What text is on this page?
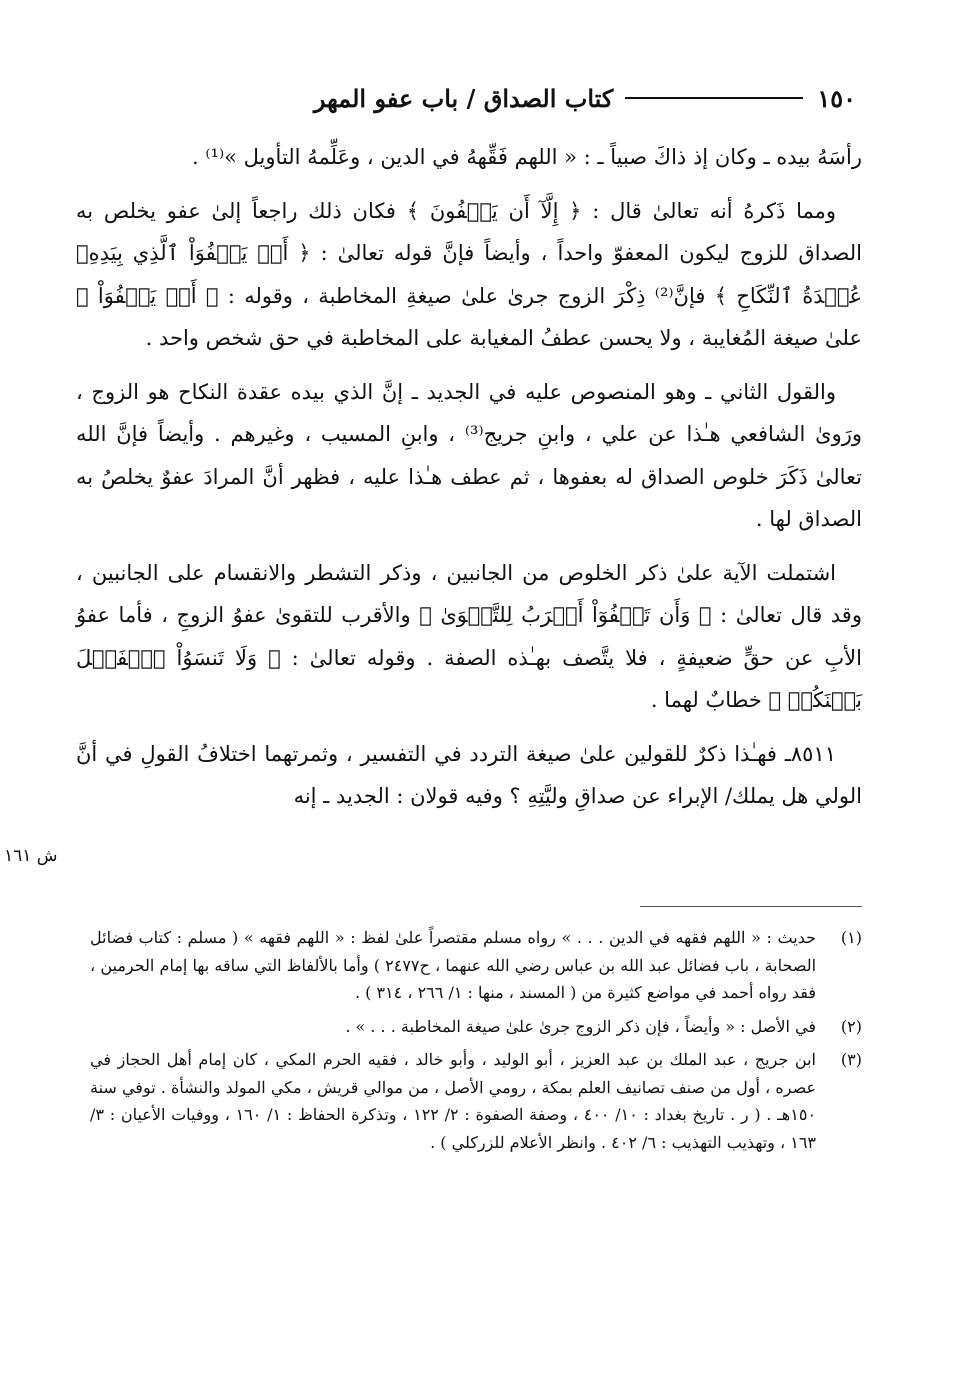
١٥٠
كتاب الصداق / باب عفو المهر

رأسَهُ بيده ـ وكان إذ ذاكَ صبياً ـ : « اللهم فَقِّههُ في الدين ، وعَلِّمهُ التأويل »⁽¹⁾ .

ومما ذَكرهُ أنه تعالىٰ قال : ﴿ إِلَّآ أَن يَعۡفُونَ ﴾ فكان ذلك راجعاً إلىٰ عفو يخلص به الصداق للزوج ليكون المعفوّ واحداً ، وأيضاً فإنَّ قوله تعالىٰ : ﴿ أَوۡ يَعۡفُوَاْ ٱلَّذِي بِيَدِهِۦ عُقۡدَةُ ٱلنِّكَاحِ ﴾ فإنَّ⁽²⁾ ذِكْرَ الزوج جرىٰ علىٰ صيغةِ المخاطبة ، وقوله : ﴿ أَوۡ يَعۡفُوَاْ ﴾ علىٰ صيغة المُغايبة ، ولا يحسن عطفُ المغيابة على المخاطبة في حق شخص واحد .

والقول الثاني ـ وهو المنصوص عليه في الجديد ـ إنَّ الذي بيده عقدة النكاح هو الزوج ، ورَوىٰ الشافعي هـٰذا عن علي ، وابنِ جريج⁽³⁾ ، وابنِ المسيب ، وغيرهم . وأيضاً فإنَّ الله تعالىٰ ذَكَرَ خلوص الصداق له بعفوها ، ثم عطف هـٰذا عليه ، فظهر أنَّ المرادَ عفوٌ يخلصُ به الصداق لها .

اشتملت الآية علىٰ ذكر الخلوص من الجانبين ، وذكر التشطر والانقسام على الجانبين ، وقد قال تعالىٰ : ﴿ وَأَن تَعۡفُوٓاْ أَقۡرَبُ لِلتَّقۡوَىٰ ﴾ والأقرب للتقوىٰ عفوُ الزوجِ ، فأما عفوُ الأبِ عن حقٍّ ضعيفةٍ ، فلا يتَّصف بهـٰذه الصفة . وقوله تعالىٰ : ﴿ وَلَا تَنسَوُاْ ٱلۡفَضۡلَ بَيۡنَكُمۡ ﴾ خطابٌ لهما .

٨٥١١ـ فهـٰذا ذكرٌ للقولين علىٰ صيغة التردد في التفسير ، وثمرتهما اختلافُ القولِ في أنَّ الولي هل يملك/ الإبراء عن صداقِ وليَّتِهِ ؟ وفيه قولان : الجديد ـ إنه

ش ١٦١
(١)
حديث : « اللهم فقهه في الدين . . . » رواه مسلم مقتصراً علىٰ لفظ : « اللهم فقهه » ( مسلم : كتاب فضائل الصحابة ، باب فضائل عبد الله بن عباس رضي الله عنهما ، ح٢٤٧٧ ) وأما بالألفاظ التي ساقه بها إمام الحرمين ، فقد رواه أحمد في مواضع كثيرة من ( المسند ، منها : ١/ ٢٦٦ ، ٣١٤ ) .
(٢)
في الأصل : « وأيضاً ، فإن ذكر الزوج جرىٰ علىٰ صيغة المخاطبة . . . » .
(٣)
ابن جريج ، عبد الملك بن عبد العزيز ، أبو الوليد ، وأبو خالد ، فقيه الحرم المكي ، كان إمام أهل الحجاز في عصره ، أول من صنف تصانيف العلم بمكة ، رومي الأصل ، من موالي قريش ، مكي المولد والنشأة . توفي سنة ١٥٠هـ . ( ر . تاريخ بغداد : ١٠/ ٤٠٠ ، وصفة الصفوة : ٢/ ١٢٢ ، وتذكرة الحفاظ : ١/ ١٦٠ ، ووفيات الأعيان : ٣/ ١٦٣ ، وتهذيب التهذيب : ٦/ ٤٠٢ . وانظر الأعلام للزركلي ) .
